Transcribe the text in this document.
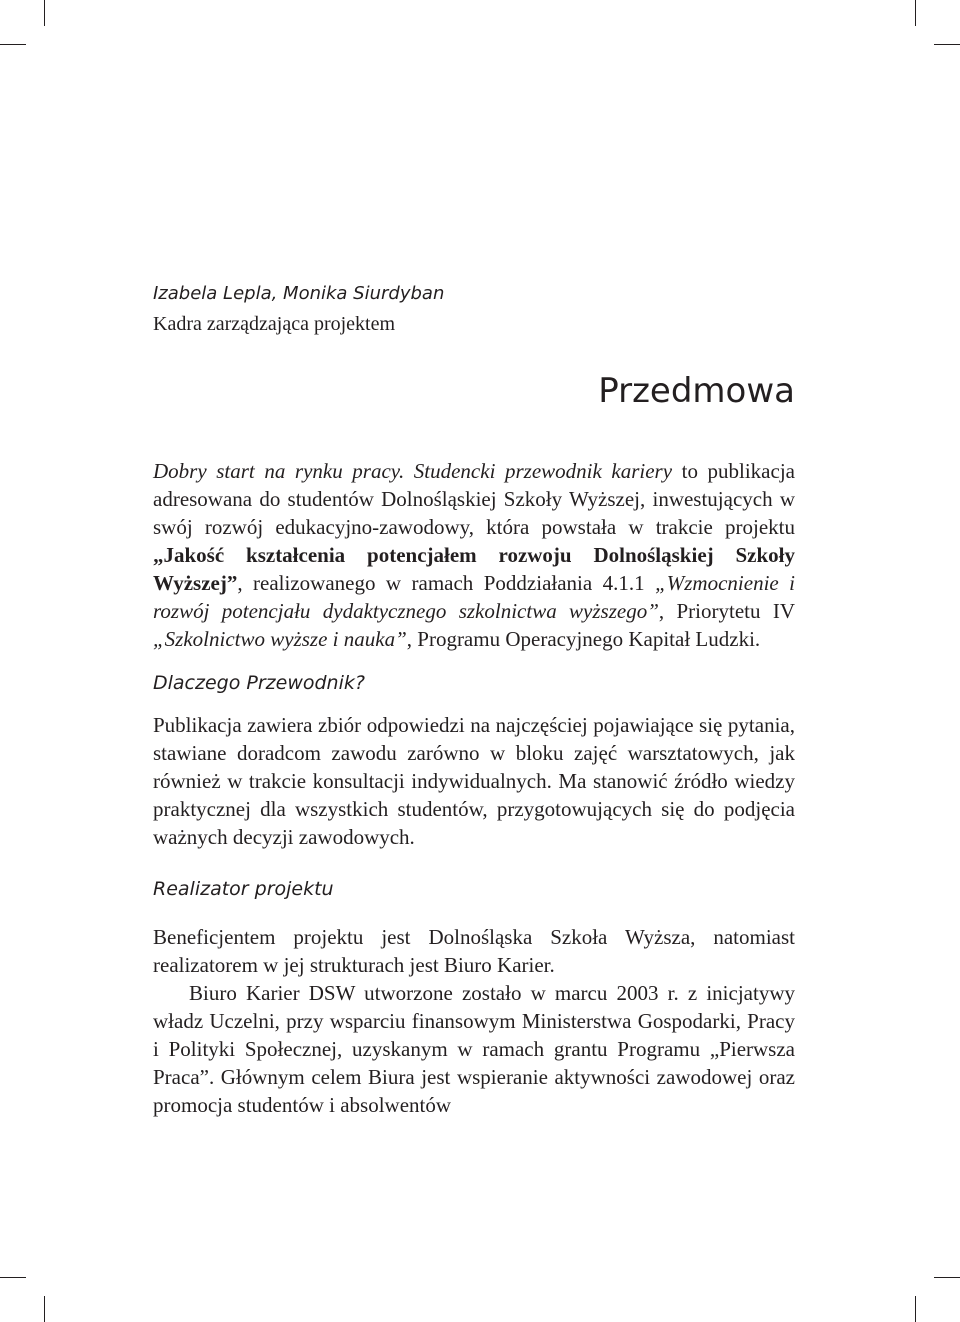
Izabela Lepla, Monika Siurdyban

Kadra zarządzająca projektem

Przedmowa

Dobry start na rynku pracy. Studencki przewodnik kariery to publikacja adresowana do studentów Dolnośląskiej Szkoły Wyższej, inwestujących w swój rozwój edukacyjno-zawodowy, która powstała w trakcie projektu „Jakość kształcenia potencjałem rozwoju Dolnośląskiej Szkoły Wyższej”, realizowanego w ramach Poddziałania 4.1.1 „Wzmocnienie i rozwój potencjału dydaktycznego szkolnictwa wyższego”, Priorytetu IV „Szkolnictwo wyższe i nauka”, Programu Operacyjnego Kapitał Ludzki.

Dlaczego Przewodnik?

Publikacja zawiera zbiór odpowiedzi na najczęściej pojawiające się pytania, stawiane doradcom zawodu zarówno w bloku zajęć warsztatowych, jak również w trakcie konsultacji indywidualnych. Ma stanowić źródło wiedzy praktycznej dla wszystkich studentów, przygotowujących się do podjęcia ważnych decyzji zawodowych.

Realizator projektu

Beneficjentem projektu jest Dolnośląska Szkoła Wyższa, natomiast realizatorem w jej strukturach jest Biuro Karier.

Biuro Karier DSW utworzone zostało w marcu 2003 r. z inicjatywy władz Uczelni, przy wsparciu finansowym Ministerstwa Gospodarki, Pracy i Polityki Społecznej, uzyskanym w ramach grantu Programu „Pierwsza Praca”. Głównym celem Biura jest wspieranie aktywności zawodowej oraz promocja studentów i absolwentów
